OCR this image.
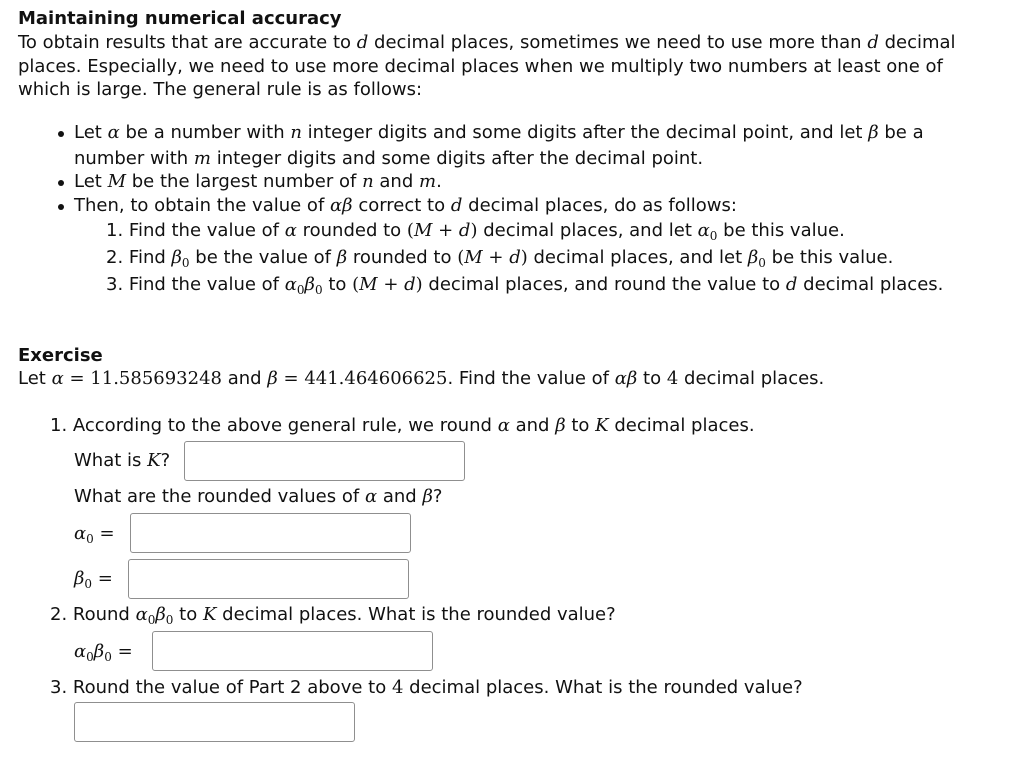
Maintaining numerical accuracy
To obtain results that are accurate to d decimal places, sometimes we need to use more than d decimal
places. Especially, we need to use more decimal places when we multiply two numbers at least one of
which is large. The general rule is as follows:
Let α be a number with n integer digits and some digits after the decimal point, and let β be a
number with m integer digits and some digits after the decimal point.
Let M be the largest number of n and m.
Then, to obtain the value of αβ correct to d decimal places, do as follows:
1. Find the value of α rounded to (M + d) decimal places, and let $\alpha_0$ be this value.
2. Find $\beta_0$ be the value of β rounded to (M + d) decimal places, and let $\beta_0$ be this value.
3. Find the value of $\alpha_0\beta_0$ to (M + d) decimal places, and round the value to d decimal places.
Exercise
Let α = 11.585693248 and β = 441.464606625. Find the value of αβ to 4 decimal places.
1. According to the above general rule, we round α and β to K decimal places.
What is K?
What are the rounded values of α and β?
$\alpha_0$ =
$\beta_0$ =
2. Round $\alpha_0\beta_0$ to K decimal places. What is the rounded value?
$\alpha_0\beta_0$ =
3. Round the value of Part 2 above to 4 decimal places. What is the rounded value?
